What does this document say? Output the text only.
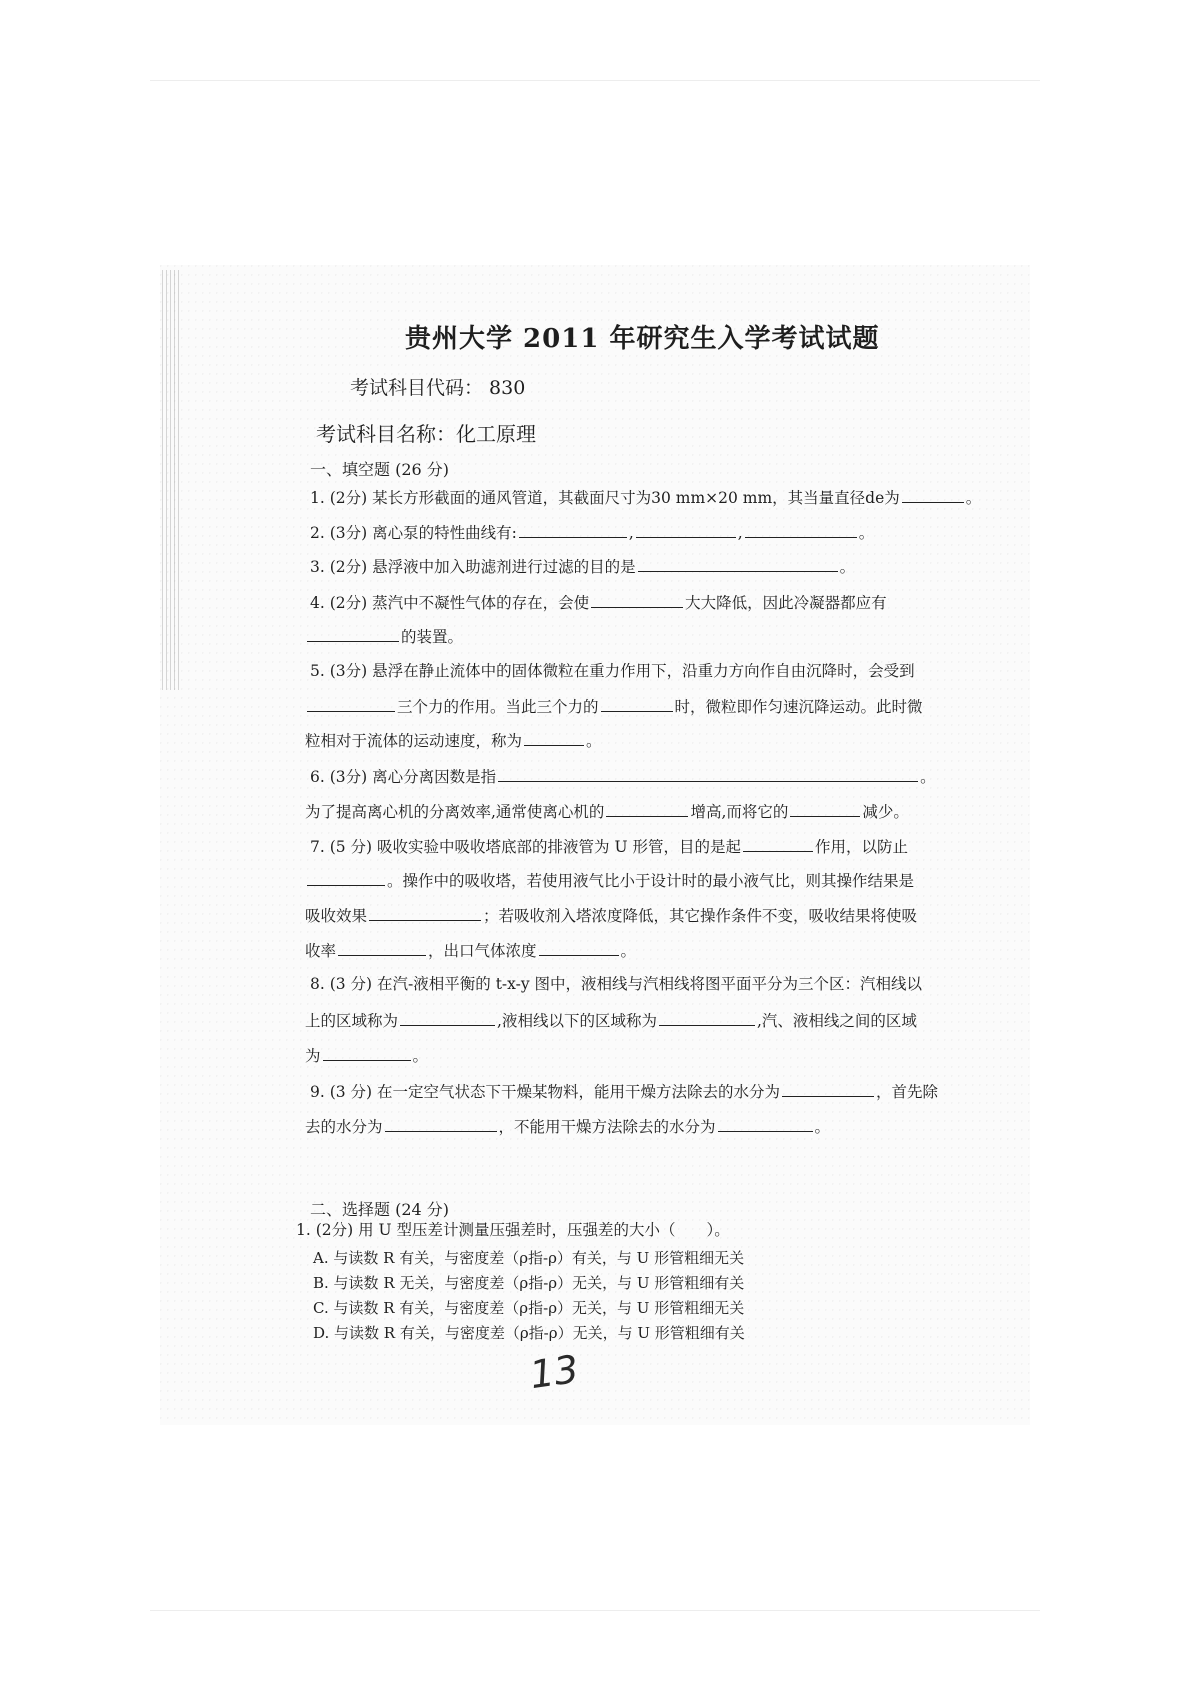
贵州大学 2011 年研究生入学考试试题
考试科目代码： 830
考试科目名称：化工原理
一、填空题 (26 分)
1. (2分) 某长方形截面的通风管道，其截面尺寸为30 mm×20 mm，其当量直径de为	。
2. (3分) 离心泵的特性曲线有:	,	,	。
3. (2分) 悬浮液中加入助滤剂进行过滤的目的是	。
4. (2分) 蒸汽中不凝性气体的存在，会使	大大降低，因此冷凝器都应有
的装置。
5. (3分) 悬浮在静止流体中的固体微粒在重力作用下，沿重力方向作自由沉降时，会受到
三个力的作用。当此三个力的	时，微粒即作匀速沉降运动。此时微
粒相对于流体的运动速度，称为	。
6. (3分) 离心分离因数是指	。
为了提高离心机的分离效率,通常使离心机的	增高,而将它的	减少。
7. (5 分) 吸收实验中吸收塔底部的排液管为 U 形管，目的是起	作用，以防止
。操作中的吸收塔，若使用液气比小于设计时的最小液气比，则其操作结果是
吸收效果	；若吸收剂入塔浓度降低，其它操作条件不变，吸收结果将使吸
收率	，出口气体浓度	。
8. (3 分) 在汽-液相平衡的 t-x-y 图中，液相线与汽相线将图平面平分为三个区：汽相线以
上的区域称为	,液相线以下的区域称为	,汽、液相线之间的区域
为	。
9. (3 分) 在一定空气状态下干燥某物料，能用干燥方法除去的水分为	，首先除
去的水分为	，不能用干燥方法除去的水分为	。
二、选择题 (24 分)
1. (2分) 用 U 型压差计测量压强差时，压强差的大小（　　）。
A. 与读数 R 有关，与密度差（ρ指-ρ）有关，与 U 形管粗细无关
B. 与读数 R 无关，与密度差（ρ指-ρ）无关，与 U 形管粗细有关
C. 与读数 R 有关，与密度差（ρ指-ρ）无关，与 U 形管粗细无关
D. 与读数 R 有关，与密度差（ρ指-ρ）无关，与 U 形管粗细有关
13
